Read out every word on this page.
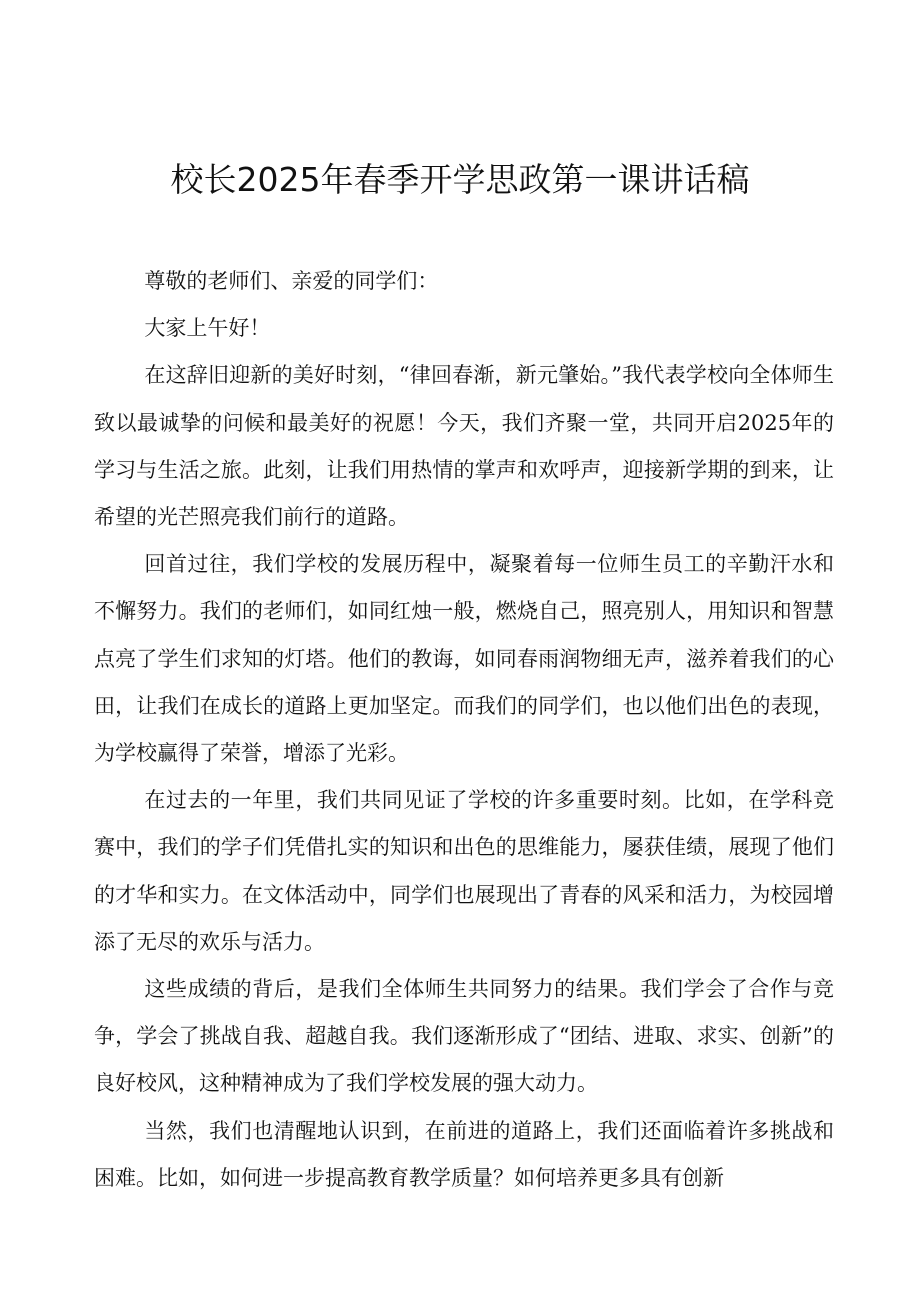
校长2025年春季开学思政第一课讲话稿

尊敬的老师们、亲爱的同学们：

大家上午好！

在这辞旧迎新的美好时刻，“律回春渐，新元肇始。”我代表学校向全体师生致以最诚挚的问候和最美好的祝愿！今天，我们齐聚一堂，共同开启2025年的学习与生活之旅。此刻，让我们用热情的掌声和欢呼声，迎接新学期的到来，让希望的光芒照亮我们前行的道路。

回首过往，我们学校的发展历程中，凝聚着每一位师生员工的辛勤汗水和不懈努力。我们的老师们，如同红烛一般，燃烧自己，照亮别人，用知识和智慧点亮了学生们求知的灯塔。他们的教诲，如同春雨润物细无声，滋养着我们的心田，让我们在成长的道路上更加坚定。而我们的同学们，也以他们出色的表现，为学校赢得了荣誉，增添了光彩。

在过去的一年里，我们共同见证了学校的许多重要时刻。比如，在学科竞赛中，我们的学子们凭借扎实的知识和出色的思维能力，屡获佳绩，展现了他们的才华和实力。在文体活动中，同学们也展现出了青春的风采和活力，为校园增添了无尽的欢乐与活力。

这些成绩的背后，是我们全体师生共同努力的结果。我们学会了合作与竞争，学会了挑战自我、超越自我。我们逐渐形成了“团结、进取、求实、创新”的良好校风，这种精神成为了我们学校发展的强大动力。

当然，我们也清醒地认识到，在前进的道路上，我们还面临着许多挑战和困难。比如，如何进一步提高教育教学质量？如何培养更多具有创新
